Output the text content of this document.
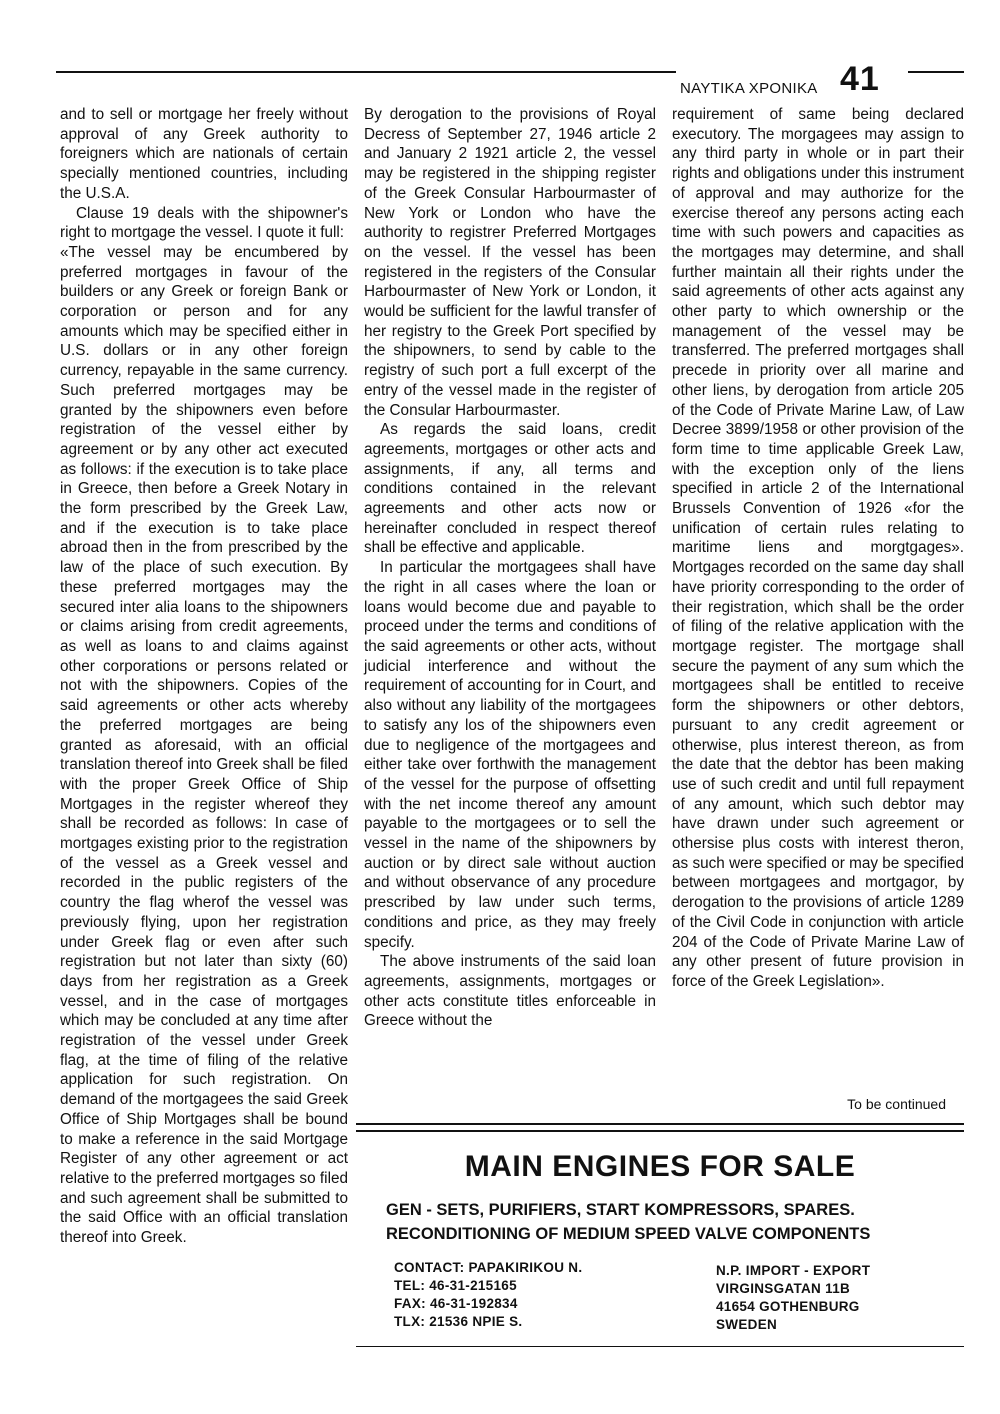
ΝΑΥΤΙΚΑ ΧΡΟΝΙΚΑ 41

and to sell or mortgage her freely without approval of any Greek authority to foreigners which are nationals of certain specially mentioned countries, including the U.S.A.

Clause 19 deals with the shipowner's right to mortgage the vessel. I quote it full:

«The vessel may be encumbered by preferred mortgages in favour of the builders or any Greek or foreign Bank or corporation or person and for any amounts which may be specified either in U.S. dollars or in any other foreign currency, repayable in the same currency. Such preferred mortgages may be granted by the shipowners even before registration of the vessel either by agreement or by any other act executed as follows: if the execution is to take place in Greece, then before a Greek Notary in the form prescribed by the Greek Law, and if the execution is to take place abroad then in the from prescribed by the law of the place of such execution. By these preferred mortgages may the secured inter alia loans to the shipowners or claims arising from credit agreements, as well as loans to and claims against other corporations or persons related or not with the shipowners. Copies of the said agreements or other acts whereby the preferred mortgages are being granted as aforesaid, with an official translation thereof into Greek shall be filed with the proper Greek Office of Ship Mortgages in the register whereof they shall be recorded as follows: In case of mortgages existing prior to the registration of the vessel as a Greek vessel and recorded in the public registers of the country the flag wherof the vessel was previously flying, upon her registration under Greek flag or even after such registration but not later than sixty (60) days from her registration as a Greek vessel, and in the case of mortgages which may be concluded at any time after registration of the vessel under Greek flag, at the time of filing of the relative application for such registration. On demand of the mortgagees the said Greek Office of Ship Mortgages shall be bound to make a reference in the said Mortgage Register of any other agreement or act relative to the preferred mortgages so filed and such agreement shall be submitted to the said Office with an official translation thereof into Greek.

By derogation to the provisions of Royal Decress of September 27, 1946 article 2 and January 2 1921 article 2, the vessel may be registered in the shipping register of the Greek Consular Harbourmaster of New York or London who have the authority to registrer Preferred Mortgages on the vessel. If the vessel has been registered in the registers of the Consular Harbourmaster of New York or London, it would be sufficient for the lawful transfer of her registry to the Greek Port specified by the shipowners, to send by cable to the registry of such port a full excerpt of the entry of the vessel made in the register of the Consular Harbourmaster.

As regards the said loans, credit agreements, mortgages or other acts and assignments, if any, all terms and conditions contained in the relevant agreements and other acts now or hereinafter concluded in respect thereof shall be effective and applicable.

In particular the mortgagees shall have the right in all cases where the loan or loans would become due and payable to proceed under the terms and conditions of the said agreements or other acts, without judicial interference and without the requirement of accounting for in Court, and also without any liability of the mortgagees to satisfy any los of the shipowners even due to negligence of the mortgagees and either take over forthwith the management of the vessel for the purpose of offsetting with the net income thereof any amount payable to the mortgagees or to sell the vessel in the name of the shipowners by auction or by direct sale without auction and without observance of any procedure prescribed by law under such terms, conditions and price, as they may freely specify.

The above instruments of the said loan agreements, assignments, mortgages or other acts constitute titles enforceable in Greece without the

requirement of same being declared executory. The morgagees may assign to any third party in whole or in part their rights and obligations under this instrument of approval and may authorize for the exercise thereof any persons acting each time with such powers and capacities as the mortgages may determine, and shall further maintain all their rights under the said agreements of other acts against any other party to which ownership or the management of the vessel may be transferred. The preferred mortgages shall precede in priority over all marine and other liens, by derogation from article 205 of the Code of Private Marine Law, of Law Decree 3899/1958 or other provision of the form time to time applicable Greek Law, with the exception only of the liens specified in article 2 of the International Brussels Convention of 1926 «for the unification of certain rules relating to maritime liens and morgtgages». Mortgages recorded on the same day shall have priority corresponding to the order of their registration, which shall be the order of filing of the relative application with the mortgage register. The mortgage shall secure the payment of any sum which the mortgagees shall be entitled to receive form the shipowners or other debtors, pursuant to any credit agreement or otherwise, plus interest thereon, as from the date that the debtor has been making use of such credit and until full repayment of any amount, which such debtor may have drawn under such agreement or othersise plus costs with interest theron, as such were specified or may be specified between mortgagees and mortgagor, by derogation to the provisions of article 1289 of the Civil Code in conjunction with article 204 of the Code of Private Marine Law of any other present of future provision in force of the Greek Legislation».

To be continued
MAIN ENGINES FOR SALE
GEN - SETS, PURIFIERS, START KOMPRESSORS, SPARES.
RECONDITIONING OF MEDIUM SPEED VALVE COMPONENTS
CONTACT: PAPAKIRIKOU N.
TEL: 46-31-215165
FAX: 46-31-192834
TLX: 21536 NPIE S.
N.P. IMPORT - EXPORT
VIRGINSGATAN 11B
41654 GOTHENBURG
SWEDEN
